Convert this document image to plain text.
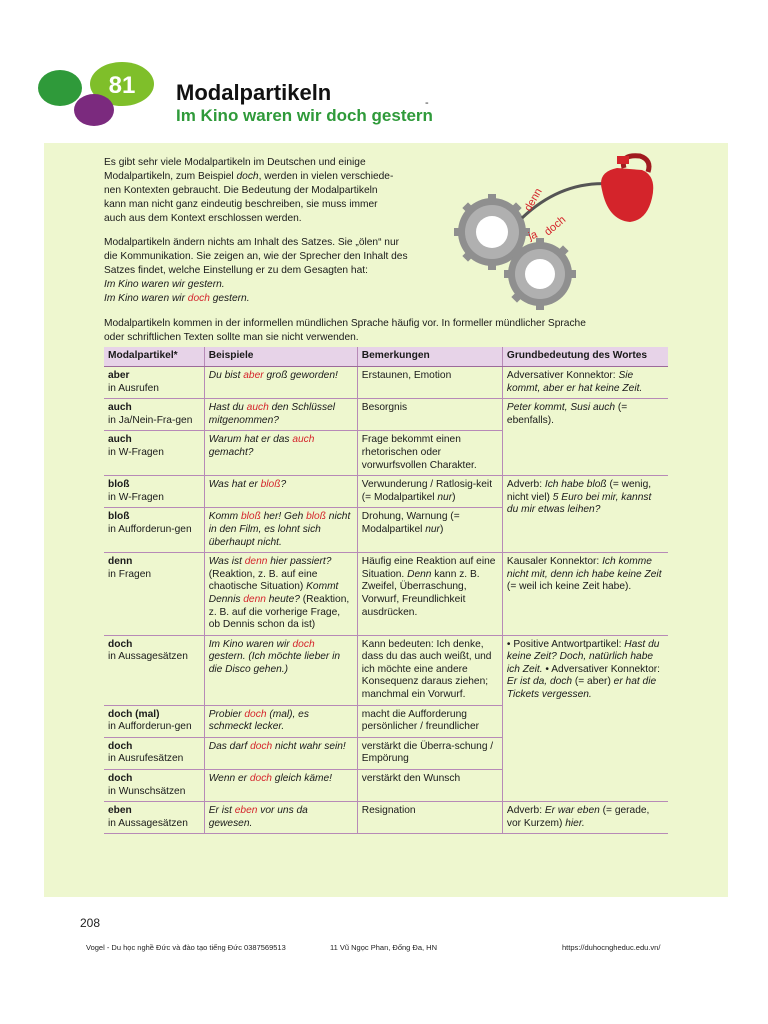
81 Modalpartikeln	-
Im Kino waren wir doch gestern

Es gibt sehr viele Modalpartikeln im Deutschen und einige

Modalpartikeln, zum Beispiel doch, werden in vielen verschiede-

nen Kontexten gebraucht. Die Bedeutung der Modalpartikeln

kann man nicht ganz eindeutig beschreiben, sie muss immer

auch aus dem Kontext erschlossen werden.

Modalpartikeln ändern nichts am Inhalt des Satzes. Sie „ölen“ nur

die Kommunikation. Sie zeigen an, wie der Sprecher den Inhalt des

Satzes findet, welche Einstellung er zu dem Gesagten hat:

Im Kino waren wir gestern.

Im Kino waren wir doch gestern.

Modalpartikeln kommen in der informellen mündlichen Sprache häufig vor. In formeller mündlicher Sprache
oder schriftlichen Texten sollte man sie nicht verwenden.
denn
ja doch
Modalpartikel*	Beispiele	Bemerkungen	Grundbedeutung des Wortes
aber
in Ausrufen	Du bist aber groß geworden!	Erstaunen, Emotion	Adversativer Konnektor: Sie kommt, aber er hat keine Zeit.
auch
in Ja/Nein-Fra-gen	Hast du auch den Schlüssel mitgenommen?	Besorgnis	Peter kommt, Susi auch (= ebenfalls).
auch
in W-Fragen	Warum hat er das auch gemacht?	Frage bekommt einen rhetorischen oder vorwurfsvollen Charakter.	
bloß
in W-Fragen	Was hat er bloß?	Verwunderung / Ratlosig-keit (= Modalpartikel nur)	Adverb: Ich habe bloß (= wenig, nicht viel) 5 Euro bei mir, kannst du mir etwas leihen?
bloß
in Aufforderun-gen	Komm bloß her! Geh bloß nicht in den Film, es lohnt sich überhaupt nicht.	Drohung, Warnung (= Modalpartikel nur)	
denn
in Fragen	Was ist denn hier passiert? (Reaktion, z. B. auf eine chaotische Situation) Kommt Dennis denn heute? (Reaktion, z. B. auf die vorherige Frage, ob Dennis schon da ist)	Häufig eine Reaktion auf eine Situation. Denn kann z. B. Zweifel, Überraschung, Vorwurf, Freundlichkeit ausdrücken.	Kausaler Konnektor: Ich komme nicht mit, denn ich habe keine Zeit (= weil ich keine Zeit habe).
doch
in Aussagesätzen	Im Kino waren wir doch gestern. (Ich möchte lieber in die Disco gehen.)	Kann bedeuten: Ich denke, dass du das auch weißt, und ich möchte eine andere Konsequenz daraus ziehen; manchmal ein Vorwurf.	• Positive Antwortpartikel: Hast du keine Zeit? Doch, natürlich habe ich Zeit. • Adversativer Konnektor: Er ist da, doch (= aber) er hat die Tickets vergessen.
doch (mal)
in Aufforderun-gen	Probier doch (mal), es schmeckt lecker.	macht die Aufforderung persönlicher / freundlicher	
doch
in Ausrufesätzen	Das darf doch nicht wahr sein!	verstärkt die Überra-schung / Empörung	
doch
in Wunschsätzen	Wenn er doch gleich käme!	verstärkt den Wunsch	
eben
in Aussagesätzen	Er ist eben vor uns da gewesen.	Resignation	Adverb: Er war eben (= gerade, vor Kurzem) hier.
208
Vogel - Du học nghề Đức và đào tạo tiếng Đức 0387569513	11 Vũ Ngọc Phan, Đống Đa, HN	https://duhocngheduc.edu.vn/
